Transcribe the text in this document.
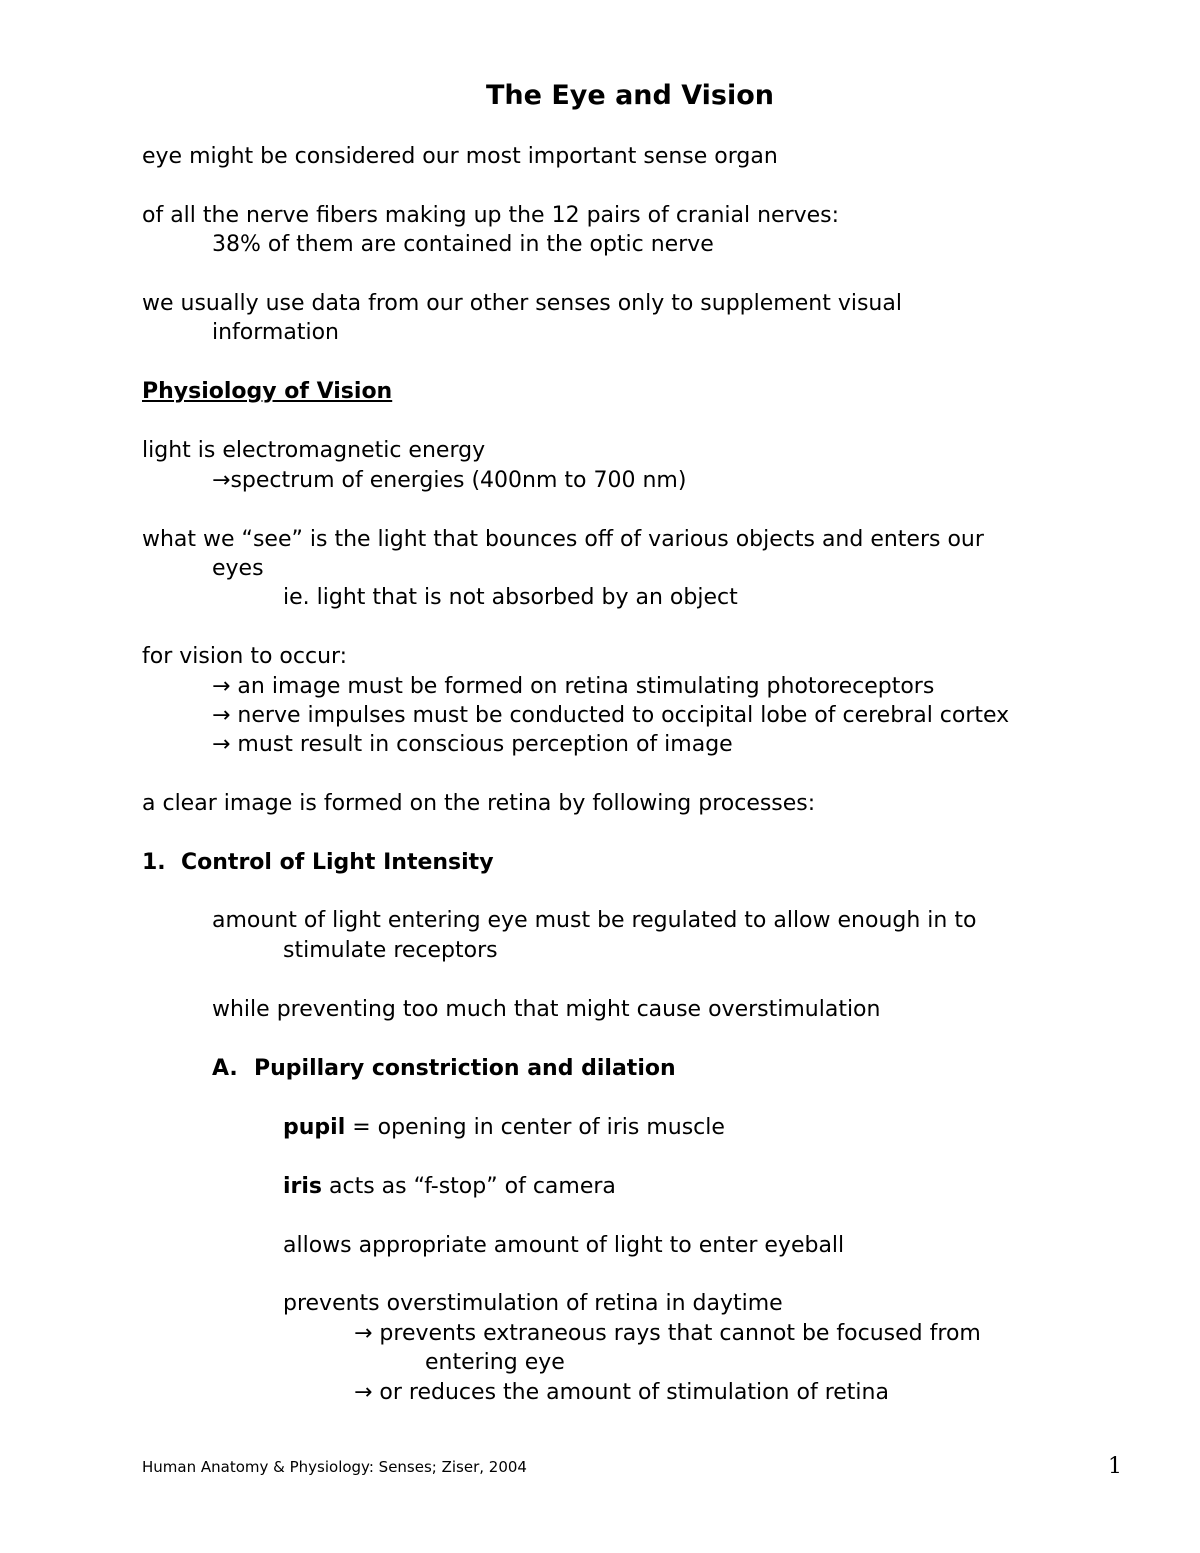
The Eye and Vision
eye might be considered our most important sense organ
of all the nerve fibers making up the 12 pairs of cranial nerves:
38% of them are contained in the optic nerve
we usually use data from our other senses only to supplement visual
information
Physiology of Vision
light is electromagnetic energy
→spectrum of energies (400nm to 700 nm)
what we “see” is the light that bounces off of various objects and enters our
eyes
ie. light that is not absorbed by an object
for vision to occur:
→ an image must be formed on retina stimulating photoreceptors
→ nerve impulses must be conducted to occipital lobe of cerebral cortex
→ must result in conscious perception of image
a clear image is formed on the retina by following processes:
1. Control of Light Intensity
amount of light entering eye must be regulated to allow enough in to
stimulate receptors
while preventing too much that might cause overstimulation
A. Pupillary constriction and dilation
pupil = opening in center of iris muscle
iris acts as “f-stop” of camera
allows appropriate amount of light to enter eyeball
prevents overstimulation of retina in daytime
→ prevents extraneous rays that cannot be focused from
entering eye
→ or reduces the amount of stimulation of retina
Human Anatomy & Physiology: Senses; Ziser, 2004	1
